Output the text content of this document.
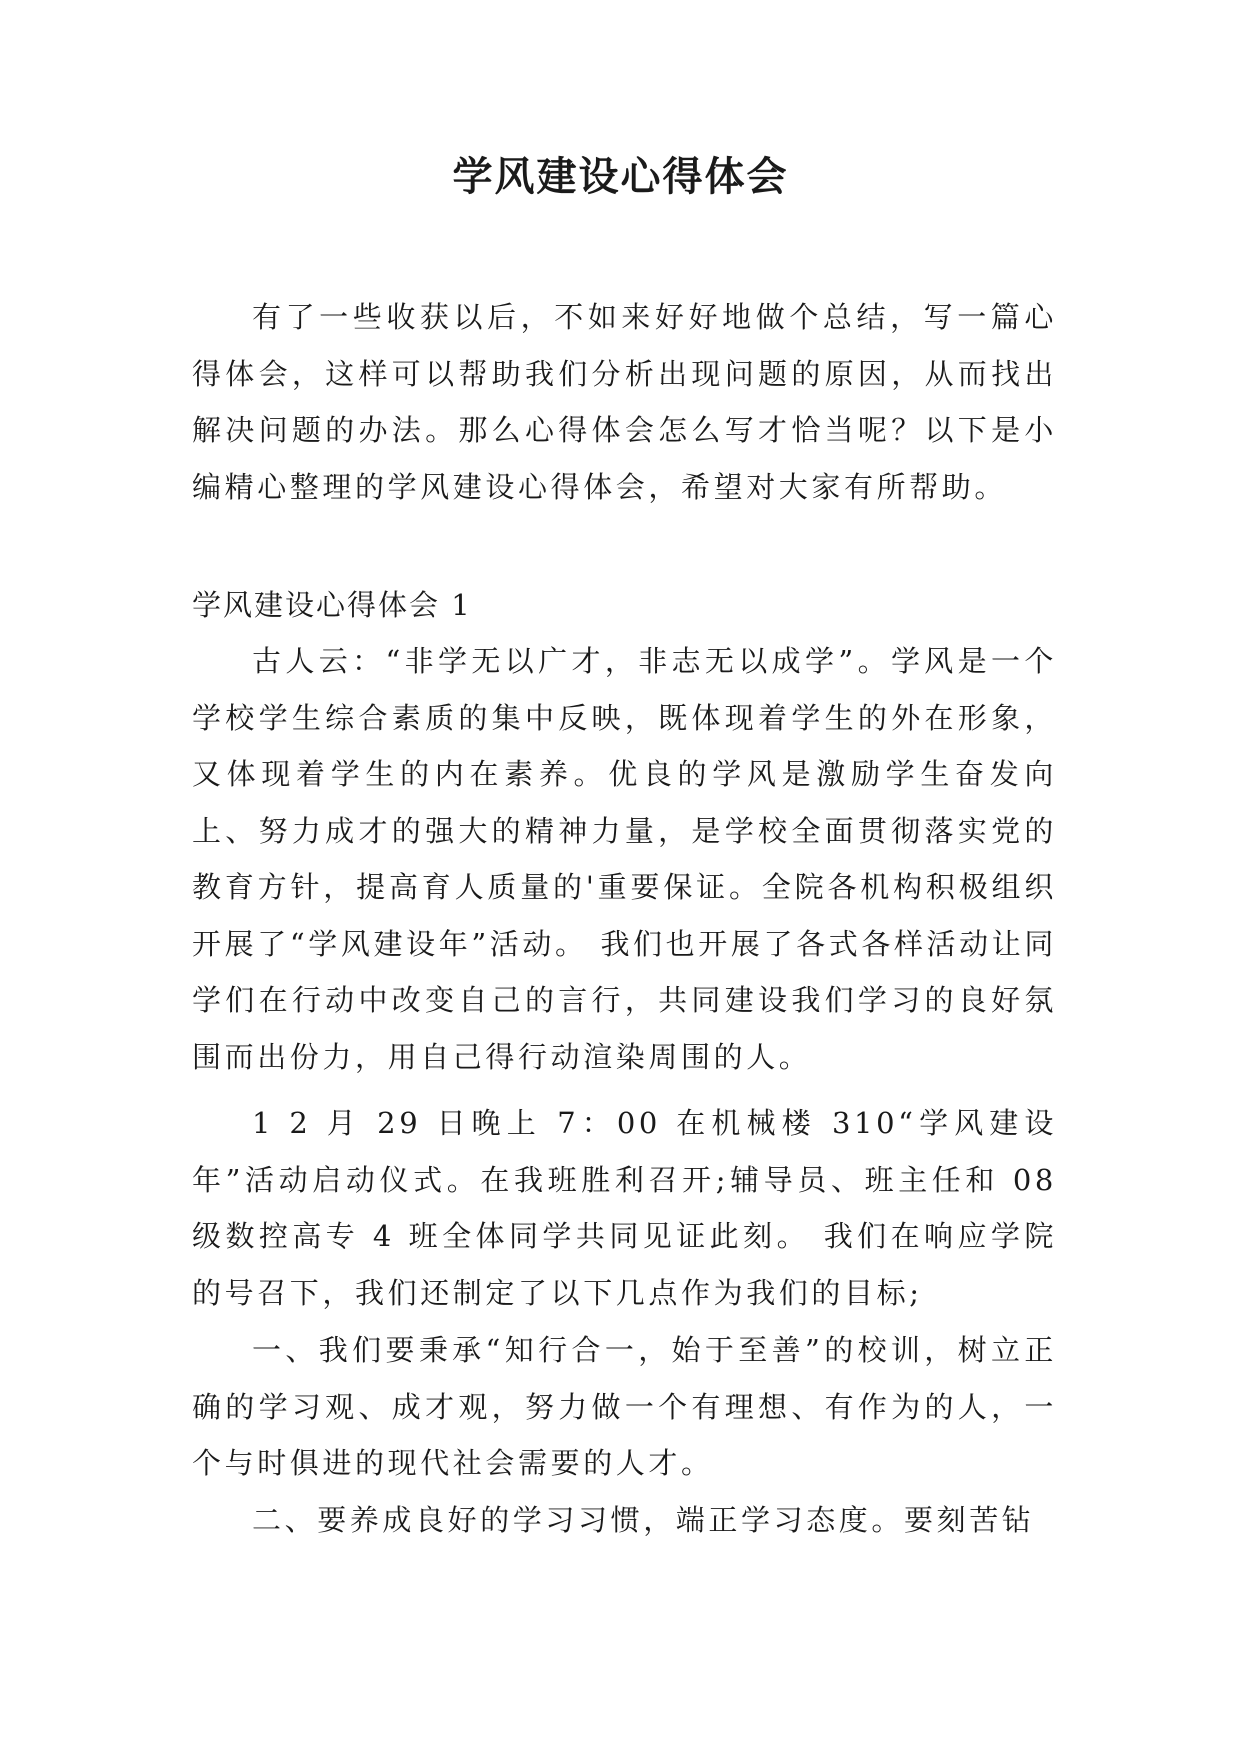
学风建设心得体会

有了一些收获以后，不如来好好地做个总结，写一篇心得体会，这样可以帮助我们分析出现问题的原因，从而找出解决问题的办法。那么心得体会怎么写才恰当呢？以下是小编精心整理的学风建设心得体会，希望对大家有所帮助。

学风建设心得体会 1

古人云：“非学无以广才，非志无以成学”。学风是一个学校学生综合素质的集中反映，既体现着学生的外在形象，又体现着学生的内在素养。优良的学风是激励学生奋发向上、努力成才的强大的精神力量，是学校全面贯彻落实党的教育方针，提高育人质量的'重要保证。全院各机构积极组织开展了“学风建设年”活动。 我们也开展了各式各样活动让同学们在行动中改变自己的言行，共同建设我们学习的良好氛围而出份力，用自己得行动渲染周围的人。

1 2 月 29 日晚上 7：00 在机械楼 310“学风建设年”活动启动仪式。在我班胜利召开;辅导员、班主任和 08 级数控高专 4 班全体同学共同见证此刻。 我们在响应学院的号召下，我们还制定了以下几点作为我们的目标;

一、我们要秉承“知行合一，始于至善”的校训，树立正确的学习观、成才观，努力做一个有理想、有作为的人，一个与时俱进的现代社会需要的人才。

二、要养成良好的学习习惯，端正学习态度。要刻苦钻
